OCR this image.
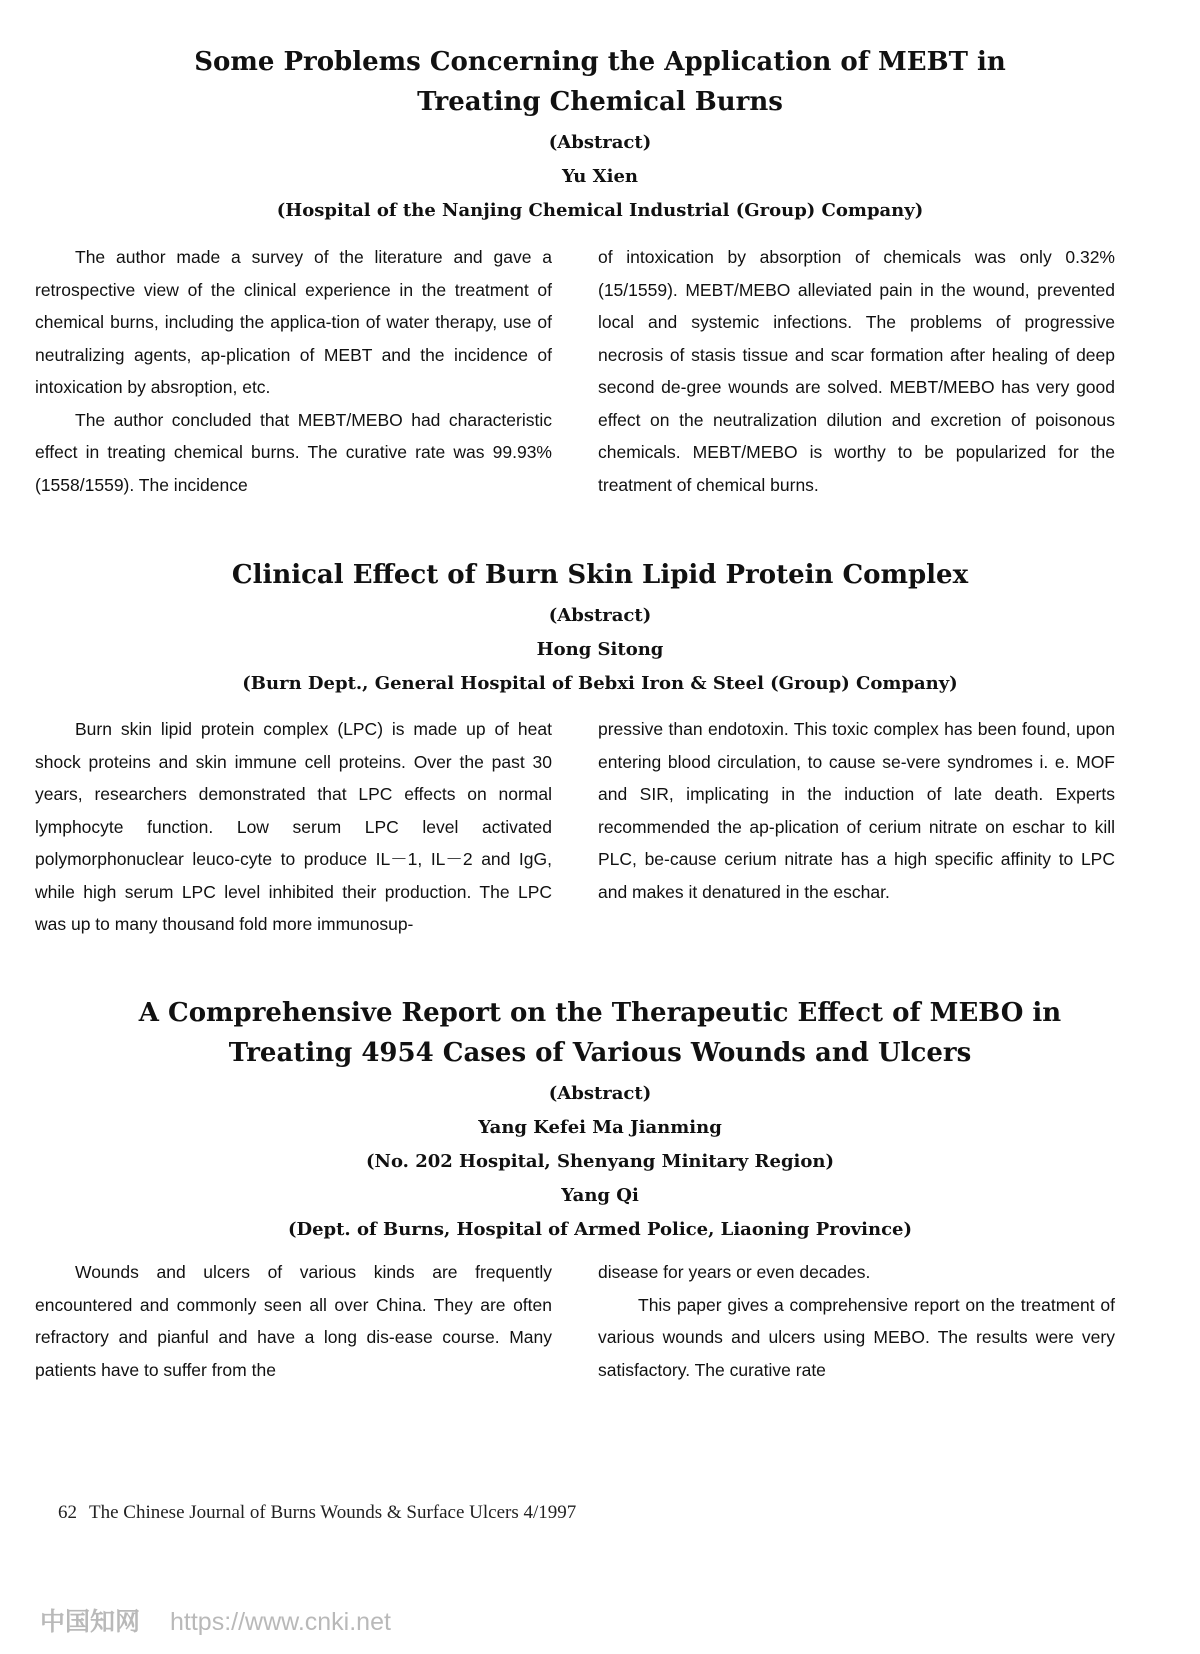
Some Problems Concerning the Application of MEBT in
Treating Chemical Burns
(Abstract)
Yu Xien
(Hospital of the Nanjing Chemical Industrial (Group) Company)

The author made a survey of the literature and gave a retrospective view of the clinical experience in the treatment of chemical burns, including the applica-tion of water therapy, use of neutralizing agents, ap-plication of MEBT and the incidence of intoxication by absroption, etc.

The author concluded that MEBT/MEBO had characteristic effect in treating chemical burns. The curative rate was 99.93%(1558/1559). The incidence

of intoxication by absorption of chemicals was only 0.32% (15/1559). MEBT/MEBO alleviated pain in the wound, prevented local and systemic infections. The problems of progressive necrosis of stasis tissue and scar formation after healing of deep second de-gree wounds are solved. MEBT/MEBO has very good effect on the neutralization dilution and excretion of poisonous chemicals. MEBT/MEBO is worthy to be popularized for the treatment of chemical burns.

Clinical Effect of Burn Skin Lipid Protein Complex
(Abstract)
Hong Sitong
(Burn Dept., General Hospital of Bebxi Iron & Steel (Group) Company)

Burn skin lipid protein complex (LPC) is made up of heat shock proteins and skin immune cell proteins. Over the past 30 years, researchers demonstrated that LPC effects on normal lymphocyte function. Low serum LPC level activated polymorphonuclear leuco-cyte to produce IL－1, IL－2 and IgG, while high serum LPC level inhibited their production. The LPC was up to many thousand fold more immunosup-

pressive than endotoxin. This toxic complex has been found, upon entering blood circulation, to cause se-vere syndromes i. e. MOF and SIR, implicating in the induction of late death. Experts recommended the ap-plication of cerium nitrate on eschar to kill PLC, be-cause cerium nitrate has a high specific affinity to LPC and makes it denatured in the eschar.

A Comprehensive Report on the Therapeutic Effect of MEBO in
Treating 4954 Cases of Various Wounds and Ulcers
(Abstract)
Yang Kefei Ma Jianming
(No. 202 Hospital, Shenyang Minitary Region)
Yang Qi
(Dept. of Burns, Hospital of Armed Police, Liaoning Province)

Wounds and ulcers of various kinds are frequently encountered and commonly seen all over China. They are often refractory and pianful and have a long dis-ease course. Many patients have to suffer from the

disease for years or even decades.

This paper gives a comprehensive report on the treatment of various wounds and ulcers using MEBO. The results were very satisfactory. The curative rate

62 The Chinese Journal of Burns Wounds & Surface Ulcers 4/1997
中国知网 https://www.cnki.net
